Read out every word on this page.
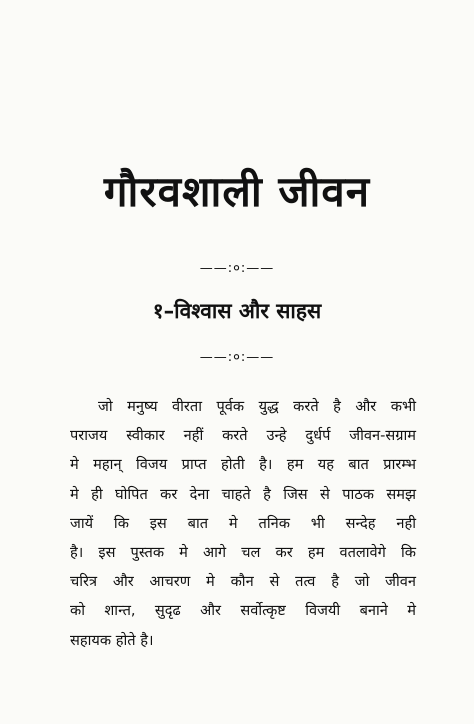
गौरवशाली जीवन
——:०:——
१–विश्वास और साहस
——:०:——
जो मनुष्य वीरता पूर्वक युद्ध करते है और कभी
पराजय स्वीकार नहीं करते उन्हे दुर्धर्प जीवन-सग्राम
मे महान् विजय प्राप्त होती है। हम यह बात प्रारम्भ
मे ही घोपित कर देना चाहते है जिस से पाठक समझ
जायें कि इस बात मे तनिक भी सन्देह नही
है। इस पुस्तक मे आगे चल कर हम वतलावेगे कि
चरित्र और आचरण मे कौन से तत्व है जो जीवन
को शान्त, सुदृढ और सर्वोत्कृष्ट विजयी बनाने मे
सहायक होते है।
